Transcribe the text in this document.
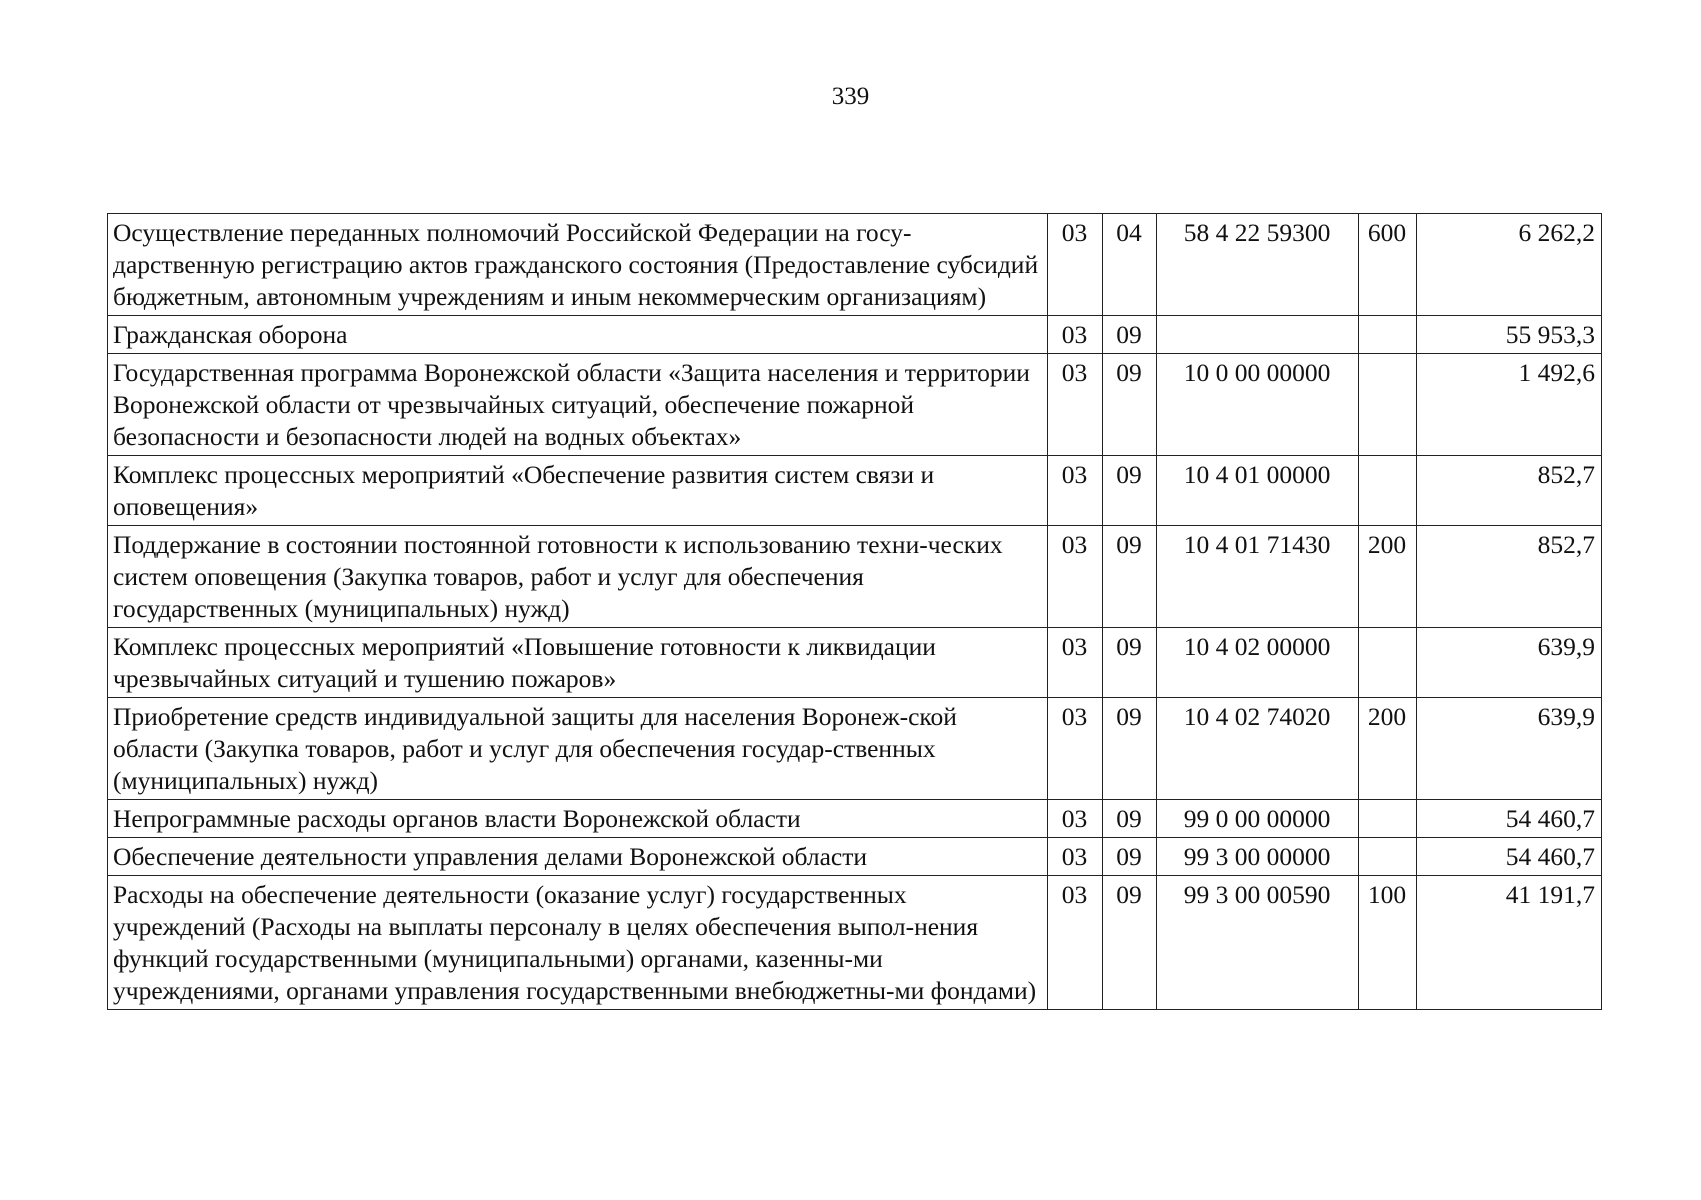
339
Осуществление переданных полномочий Российской Федерации на госу-дарственную регистрацию актов гражданского состояния (Предоставление субсидий бюджетным, автономным учреждениям и иным некоммерческим организациям)	03	04	58 4 22 59300	600	6 262,2
Гражданская оборона	03	09			55 953,3
Государственная программа Воронежской области «Защита населения и территории Воронежской области от чрезвычайных ситуаций, обеспечение пожарной безопасности и безопасности людей на водных объектах»	03	09	10 0 00 00000		1 492,6
Комплекс процессных мероприятий «Обеспечение развития систем связи и оповещения»	03	09	10 4 01 00000		852,7
Поддержание в состоянии постоянной готовности к использованию техни-ческих систем оповещения (Закупка товаров, работ и услуг для обеспечения государственных (муниципальных) нужд)	03	09	10 4 01 71430	200	852,7
Комплекс процессных мероприятий «Повышение готовности к ликвидации чрезвычайных ситуаций и тушению пожаров»	03	09	10 4 02 00000		639,9
Приобретение средств индивидуальной защиты для населения Воронеж-ской области (Закупка товаров, работ и услуг для обеспечения государ-ственных (муниципальных) нужд)	03	09	10 4 02 74020	200	639,9
Непрограммные расходы органов власти Воронежской области	03	09	99 0 00 00000		54 460,7
Обеспечение деятельности управления делами Воронежской области	03	09	99 3 00 00000		54 460,7
Расходы на обеспечение деятельности (оказание услуг) государственных учреждений (Расходы на выплаты персоналу в целях обеспечения выпол-нения функций государственными (муниципальными) органами, казенны-ми учреждениями, органами управления государственными внебюджетны-ми фондами)	03	09	99 3 00 00590	100	41 191,7
